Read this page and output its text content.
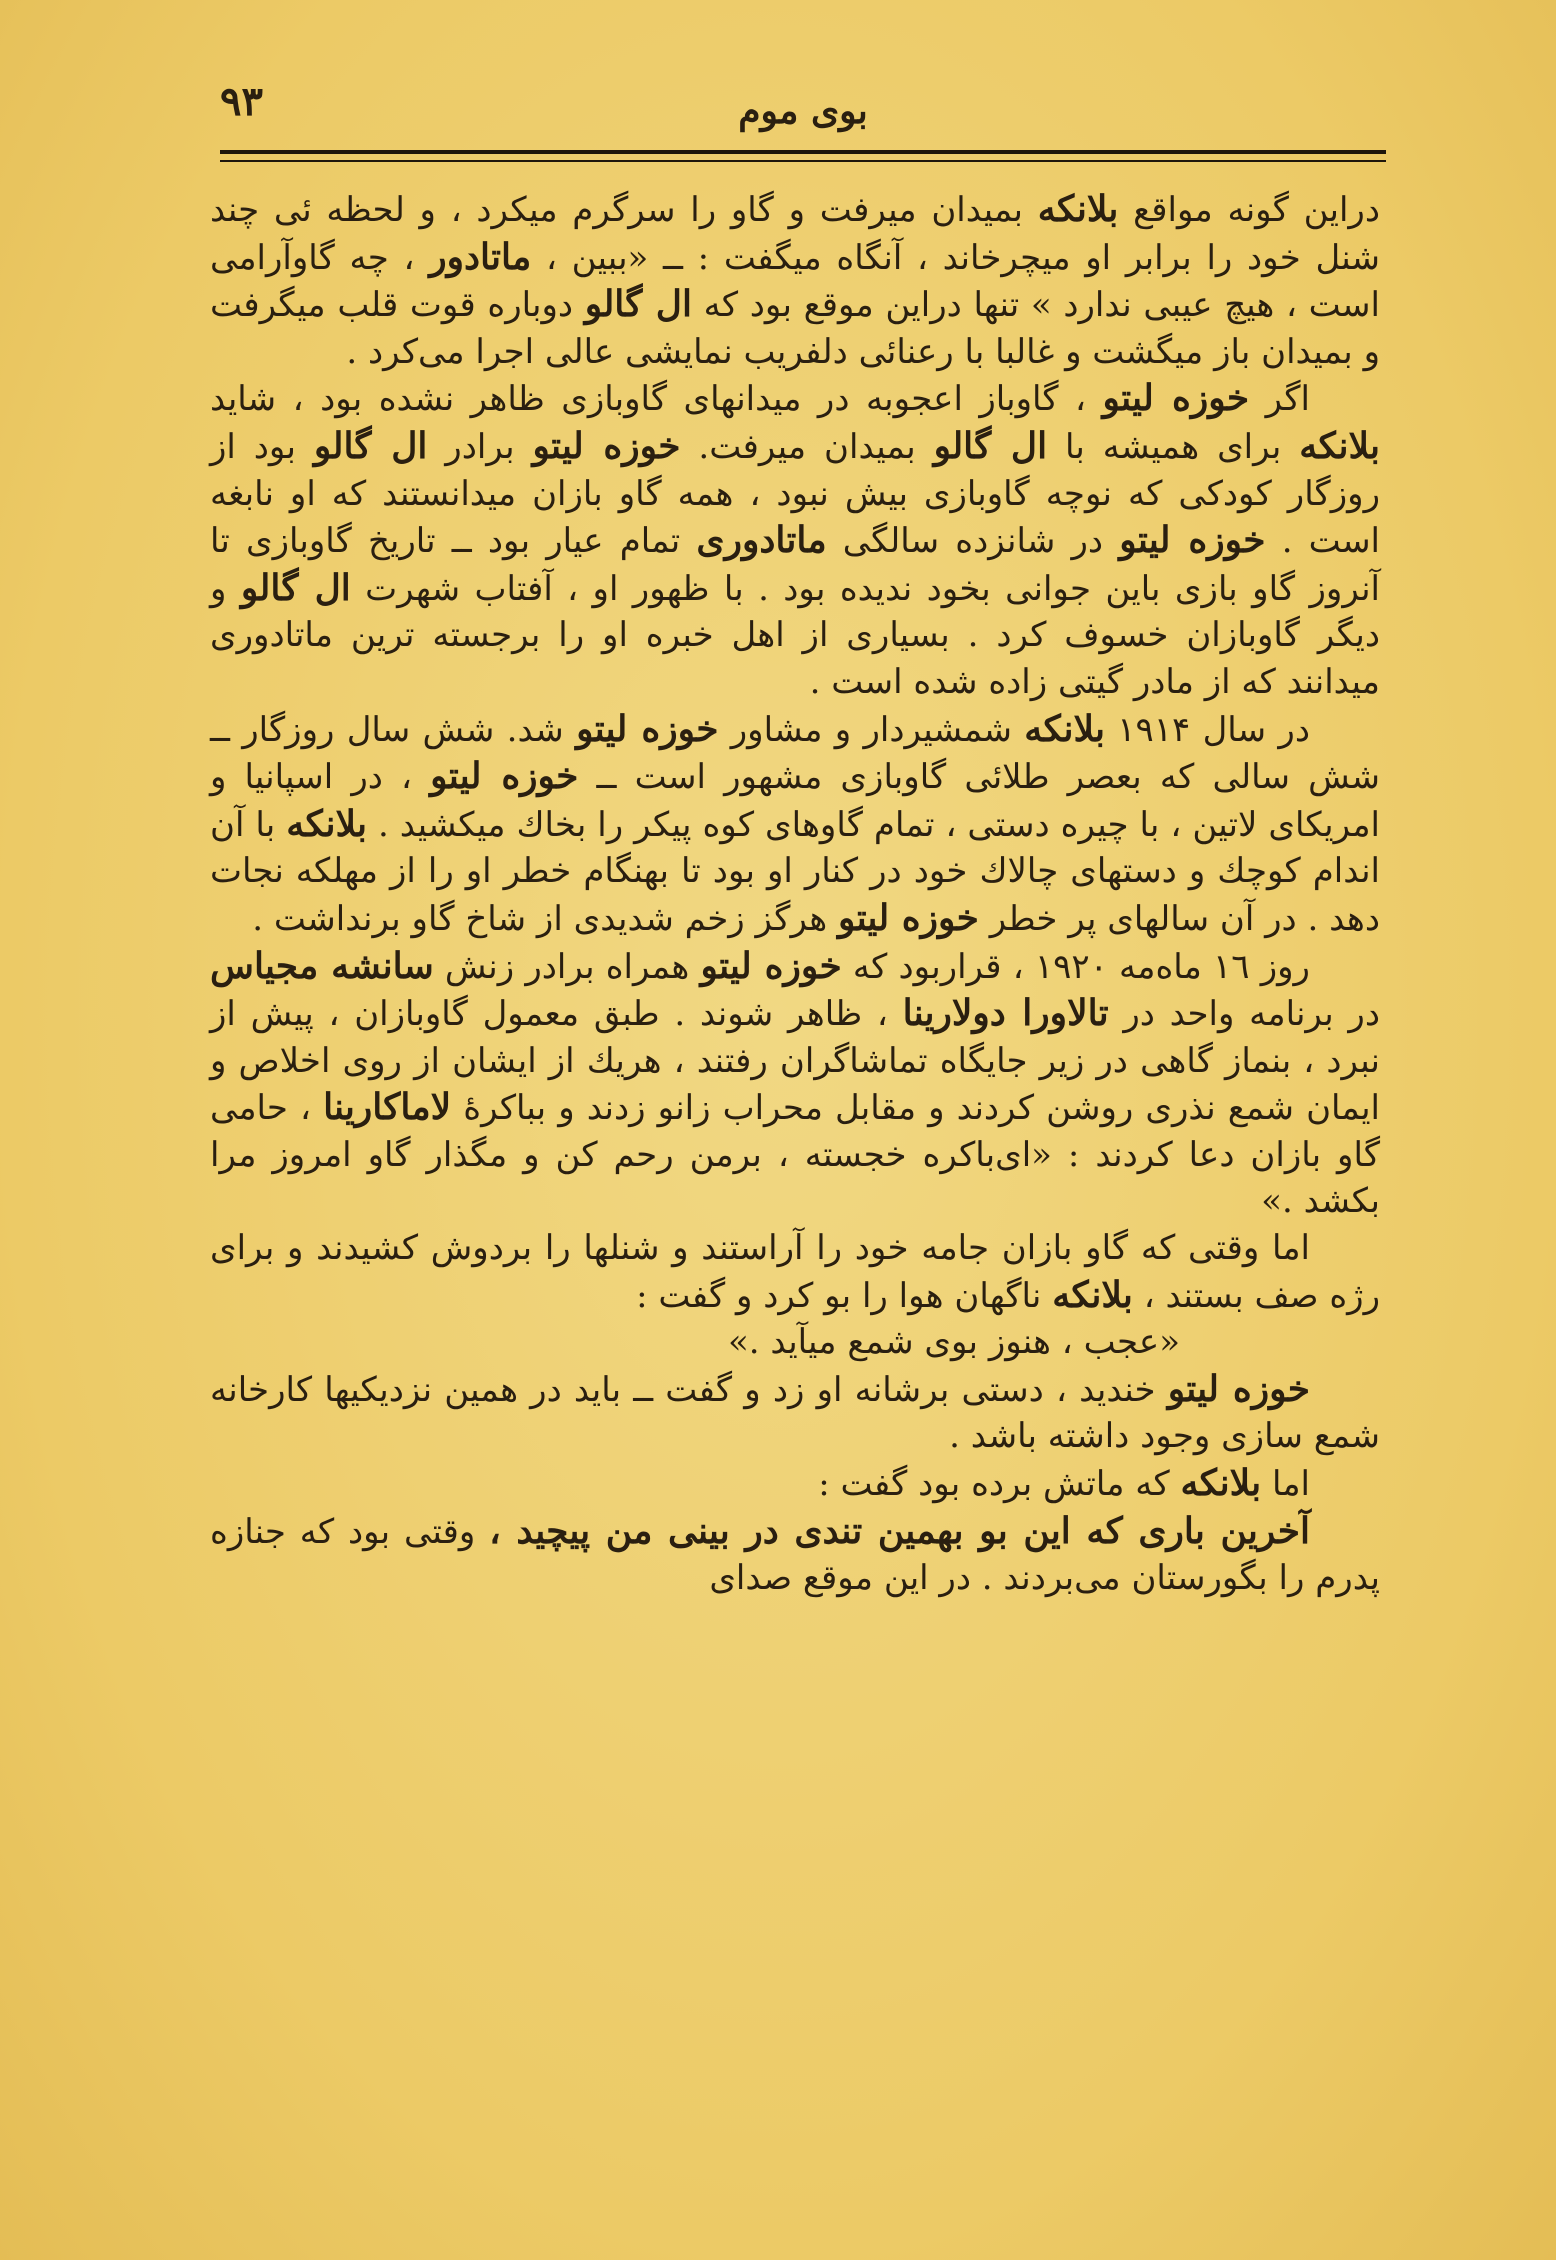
۹۳	بوی موم

دراین گونه مواقع بلانکه بمیدان میرفت و گاو را سرگرم میکرد ، و لحظه ئی چند شنل خود را برابر او میچرخاند ، آنگاه میگفت : ــ «ببین ، ماتادور ، چه گاوآرامی است ، هیچ عیبی ندارد » تنها دراین موقع بود که ال گالو دوباره قوت قلب میگرفت و بمیدان باز میگشت و غالبا با رعنائی دلفریب نمایشی عالی اجرا می‌کرد .

اگر خوزه لیتو ، گاوباز اعجوبه در میدانهای گاوبازی ظاهر نشده بود ، شاید بلانکه برای همیشه با ال گالو بمیدان میرفت. خوزه لیتو برادر ال گالو بود از روزگار کودکی که نوچه گاوبازی بیش نبود ، همه گاو بازان میدانستند که او نابغه است . خوزه لیتو در شانزده سالگی ماتادوری تمام عیار بود ــ تاریخ گاوبازی تا آنروز گاو بازی باین جوانی بخود ندیده بود . با ظهور او ، آفتاب شهرت ال گالو و دیگر گاوبازان خسوف کرد . بسیاری از اهل خبره او را برجسته ترین ماتادوری میدانند که از مادر گیتی زاده شده است .

در سال ۱۹۱۴ بلانکه شمشیردار و مشاور خوزه لیتو شد. شش سال روزگار ــ شش سالی که بعصر طلائی گاوبازی مشهور است ــ خوزه لیتو ، در اسپانیا و امریکای لاتین ، با چیره دستی ، تمام گاوهای کوه پیکر را بخاك میکشید . بلانکه با آن اندام کوچك و دستهای چالاك خود در کنار او بود تا بهنگام خطر او را از مهلکه نجات دهد . در آن سالهای پر خطر خوزه لیتو هرگز زخم شدیدی از شاخ گاو برنداشت .

روز ١٦ ماه‌مه ١٩٢٠ ، قراربود که خوزه لیتو همراه برادر زنش سانشه مجیاس در برنامه واحد در تالاورا دولارینا ، ظاهر شوند . طبق معمول گاوبازان ، پیش از نبرد ، بنماز گاهی در زیر جایگاه تماشاگران رفتند ، هریك از ایشان از روی اخلاص و ایمان شمع نذری روشن کردند و مقابل محراب زانو زدند و بباکرهٔ لاماکارینا ، حامی گاو بازان دعا کردند : «ای‌باکره خجسته ، برمن رحم کن و مگذار گاو امروز مرا بکشد .»

اما وقتی که گاو بازان جامه خود را آراستند و شنلها را بردوش کشیدند و برای رژه صف بستند ، بلانکه ناگهان هوا را بو کرد و گفت :

«عجب ، هنوز بوی شمع میآید .»

خوزه لیتو خندید ، دستی برشانه او زد و گفت ــ باید در همین نزدیکیها کارخانه شمع سازی وجود داشته باشد .

اما بلانکه که ماتش برده بود گفت :

آخرین باری که این بو بهمین تندی در بینی من پیچید ، وقتی بود که جنازه پدرم را بگورستان می‌بردند . در این موقع صدای
